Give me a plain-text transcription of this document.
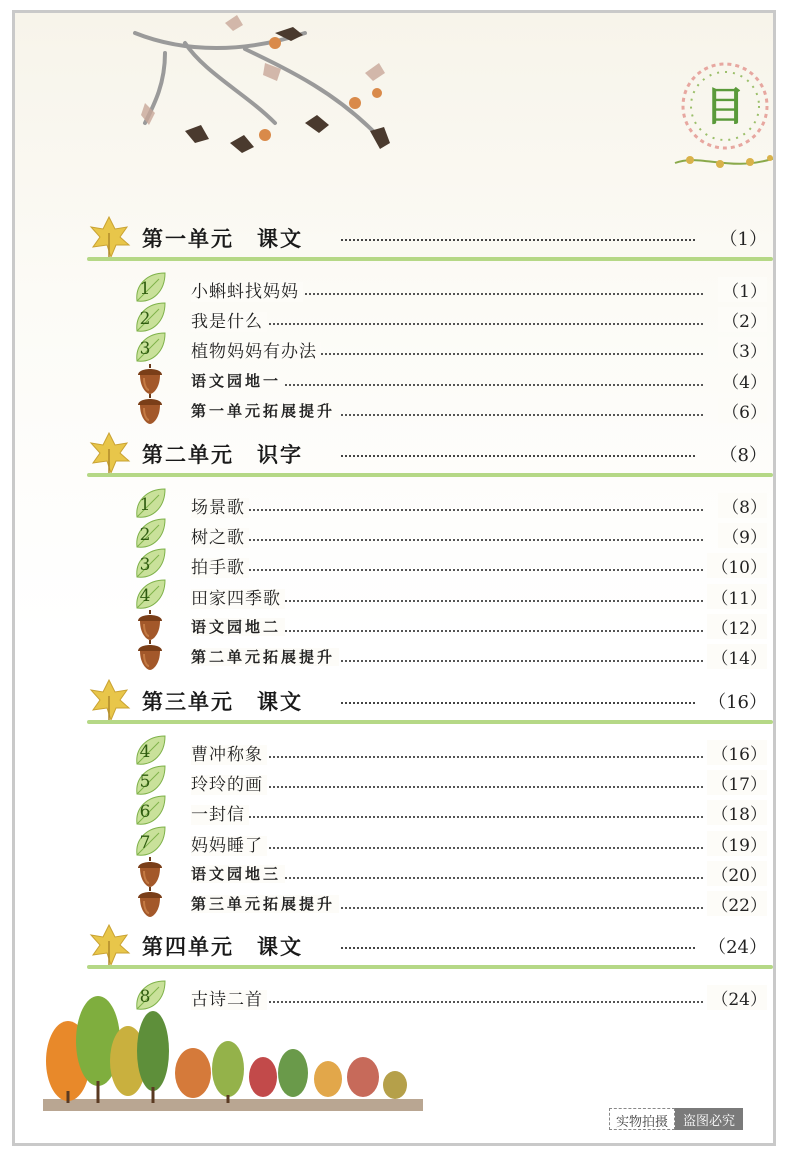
目
第一单元　课文	（1）
1	小蝌蚪找妈妈	（1）
2	我是什么	（2）
3	植物妈妈有办法	（3）
语文园地一	（4）
第一单元拓展提升	（6）
第二单元　识字	（8）
1	场景歌	（8）
2	树之歌	（9）
3	拍手歌	（10）
4	田家四季歌	（11）
语文园地二	（12）
第二单元拓展提升	（14）
第三单元　课文	（16）
4	曹冲称象	（16）
5	玲玲的画	（17）
6	一封信	（18）
7	妈妈睡了	（19）
语文园地三	（20）
第三单元拓展提升	（22）
第四单元　课文	（24）
8	古诗二首	（24）
实物拍摄	盗图必究
